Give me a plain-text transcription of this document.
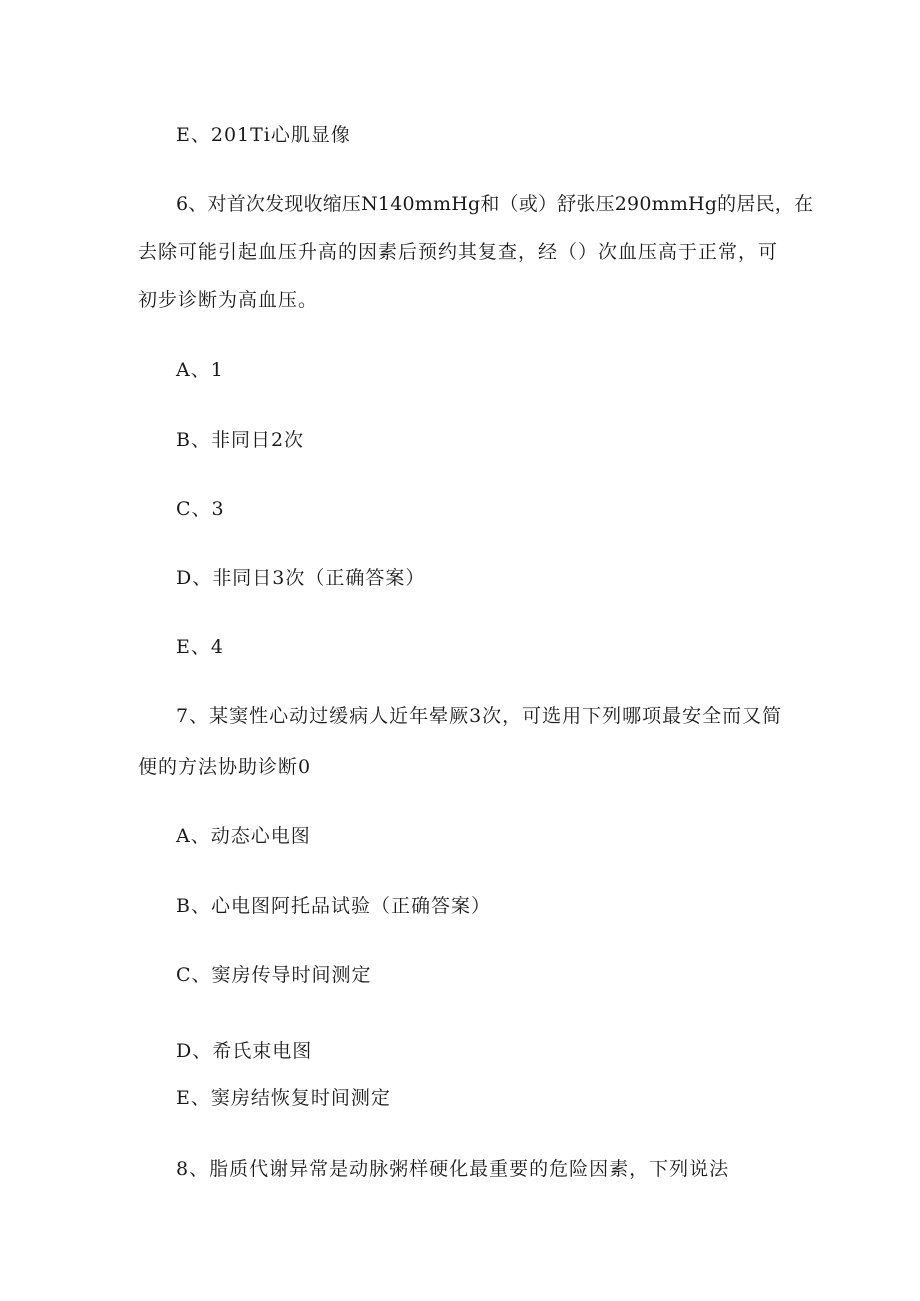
E、201Ti心肌显像
6、对首次发现收缩压N140mmHg和（或）舒张压290mmHg的居民，在
去除可能引起血压升高的因素后预约其复查，经（）次血压高于正常，可
初步诊断为高血压。
A、1
B、非同日2次
C、3
D、非同日3次（正确答案）
E、4
7、某窦性心动过缓病人近年晕厥3次，可选用下列哪项最安全而又简
便的方法协助诊断0
A、动态心电图
B、心电图阿托品试验（正确答案）
C、窦房传导时间测定
D、希氏束电图
E、窦房结恢复时间测定
8、脂质代谢异常是动脉粥样硬化最重要的危险因素，下列说法
